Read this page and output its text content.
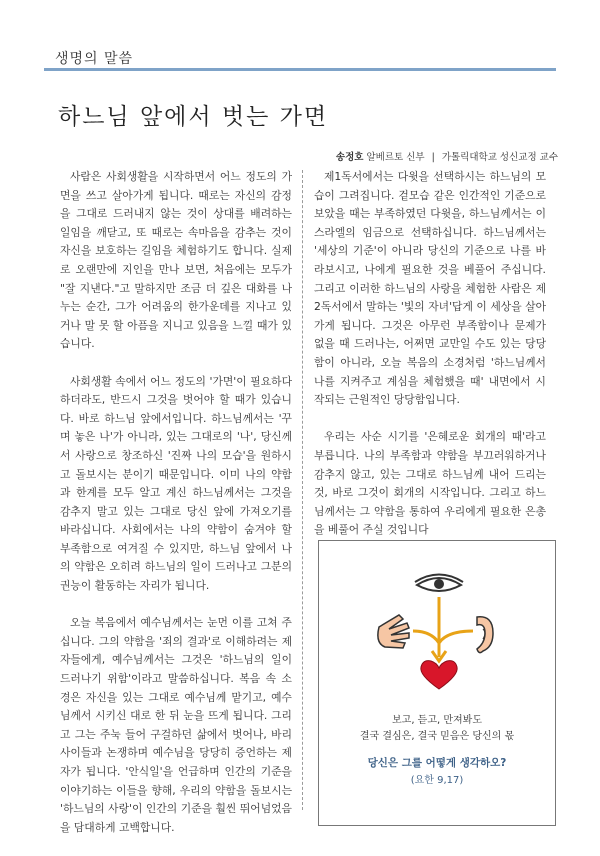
생명의 말씀
하느님 앞에서 벗는 가면
송정호 알베르토 신부 | 가톨릭대학교 성신교정 교수

사람은 사회생활을 시작하면서 어느 정도의 가면을 쓰고 살아가게 됩니다. 때로는 자신의 감정을 그대로 드러내지 않는 것이 상대를 배려하는 일임을 깨닫고, 또 때로는 속마음을 감추는 것이 자신을 보호하는 길임을 체험하기도 합니다. 실제로 오랜만에 지인을 만나 보면, 처음에는 모두가 "잘 지낸다."고 말하지만 조금 더 깊은 대화를 나누는 순간, 그가 어려움의 한가운데를 지나고 있거나 말 못 할 아픔을 지니고 있음을 느낄 때가 있습니다.

사회생활 속에서 어느 정도의 '가면'이 필요하다 하더라도, 반드시 그것을 벗어야 할 때가 있습니다. 바로 하느님 앞에서입니다. 하느님께서는 '꾸며 놓은 나'가 아니라, 있는 그대로의 '나', 당신께서 사랑으로 창조하신 '진짜 나의 모습'을 원하시고 돌보시는 분이기 때문입니다. 이미 나의 약함과 한계를 모두 알고 계신 하느님께서는 그것을 감추지 말고 있는 그대로 당신 앞에 가져오기를 바라십니다. 사회에서는 나의 약함이 숨겨야 할 부족함으로 여겨질 수 있지만, 하느님 앞에서 나의 약함은 오히려 하느님의 일이 드러나고 그분의 권능이 활동하는 자리가 됩니다.

오늘 복음에서 예수님께서는 눈먼 이를 고쳐 주십니다. 그의 약함을 '죄의 결과'로 이해하려는 제자들에게, 예수님께서는 그것은 '하느님의 일이 드러나기 위함'이라고 말씀하십니다. 복음 속 소경은 자신을 있는 그대로 예수님께 맡기고, 예수님께서 시키신 대로 한 뒤 눈을 뜨게 됩니다. 그리고 그는 주눅 들어 구걸하던 삶에서 벗어나, 바리사이들과 논쟁하며 예수님을 당당히 증언하는 제자가 됩니다. '안식일'을 언급하며 인간의 기준을 이야기하는 이들을 향해, 우리의 약함을 돌보시는 '하느님의 사랑'이 인간의 기준을 훨씬 뛰어넘었음을 담대하게 고백합니다.

제1독서에서는 다윗을 선택하시는 하느님의 모습이 그려집니다. 겉모습 같은 인간적인 기준으로 보았을 때는 부족하였던 다윗을, 하느님께서는 이스라엘의 임금으로 선택하십니다. 하느님께서는 '세상의 기준'이 아니라 당신의 기준으로 나를 바라보시고, 나에게 필요한 것을 베풀어 주십니다. 그리고 이러한 하느님의 사랑을 체험한 사람은 제2독서에서 말하는 '빛의 자녀'답게 이 세상을 살아가게 됩니다. 그것은 아무런 부족함이나 문제가 없을 때 드러나는, 어쩌면 교만일 수도 있는 당당함이 아니라, 오늘 복음의 소경처럼 '하느님께서 나를 지켜주고 계심을 체험했을 때' 내면에서 시작되는 근원적인 당당함입니다.

우리는 사순 시기를 '은혜로운 회개의 때'라고 부릅니다. 나의 부족함과 약함을 부끄러워하거나 감추지 않고, 있는 그대로 하느님께 내어 드리는 것, 바로 그것이 회개의 시작입니다. 그리고 하느님께서는 그 약함을 통하여 우리에게 필요한 은총을 베풀어 주실 것입니다

보고, 듣고, 만져봐도
결국 결심은, 결국 믿음은 당신의 몫
당신은 그를 어떻게 생각하오?
(요한 9,17)
